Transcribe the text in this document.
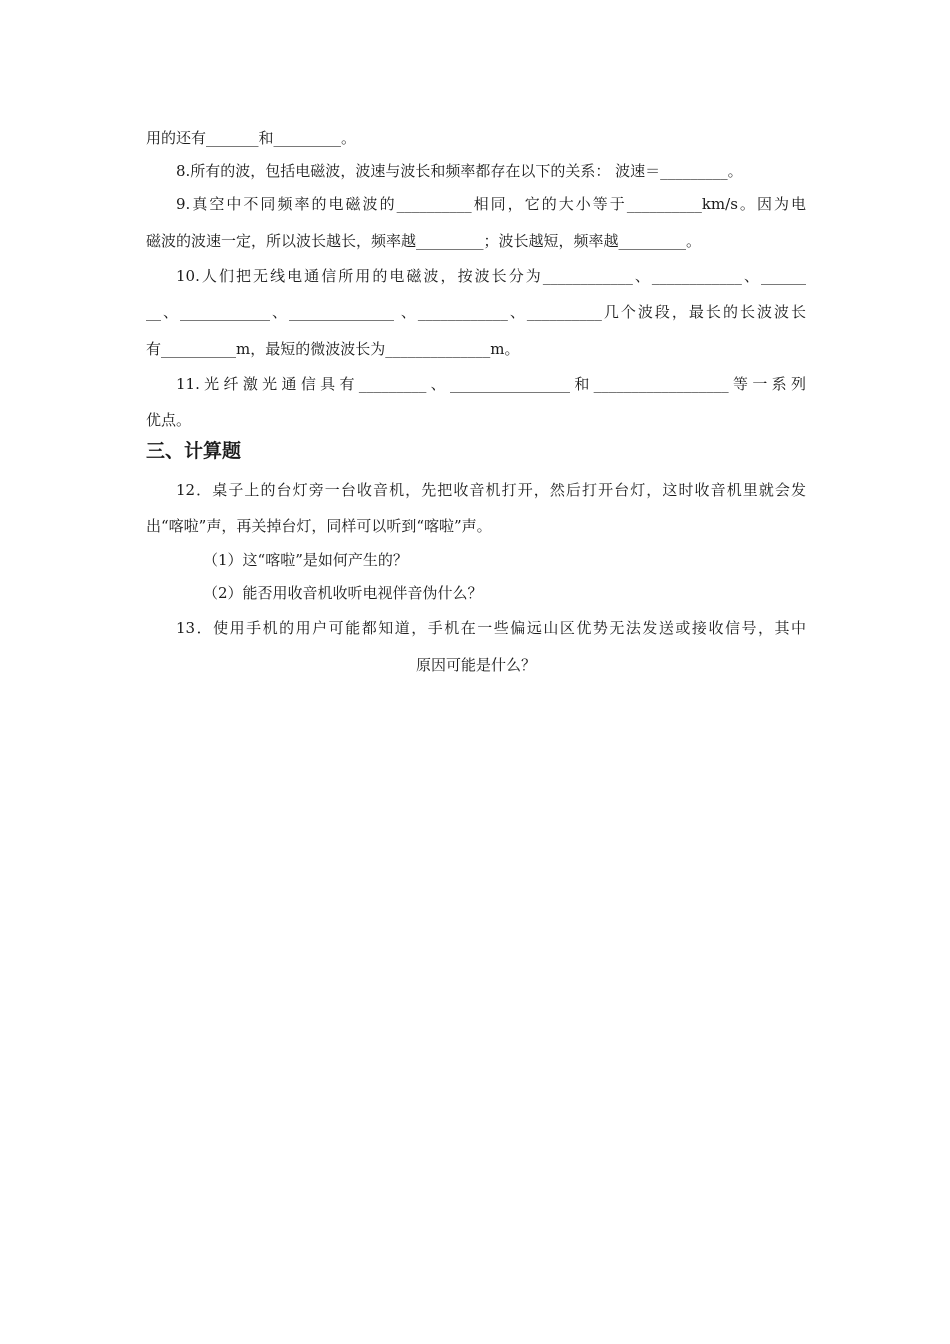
用的还有_______和_________。
8.所有的波，包括电磁波，波速与波长和频率都存在以下的关系： 波速＝_________。
9.真空中不同频率的电磁波的__________相同，它的大小等于__________km/s。因为电
磁波的波速一定，所以波长越长，频率越_________；波长越短，频率越_________。
10.人们把无线电通信所用的电磁波，按波长分为____________、____________、______
__、____________、______________ 、____________、__________几个波段，最长的长波波长
有__________m，最短的微波波长为______________m。
11.光纤激光通信具有_________、________________和__________________等一系列
优点。
三、计算题
12．桌子上的台灯旁一台收音机，先把收音机打开，然后打开台灯，这时收音机里就会发
出“喀啦”声，再关掉台灯，同样可以听到“喀啦”声。
（1）这“喀啦”是如何产生的？
（2）能否用收音机收听电视伴音伪什么？
13．使用手机的用户可能都知道，手机在一些偏远山区优势无法发送或接收信号，其中
原因可能是什么？
